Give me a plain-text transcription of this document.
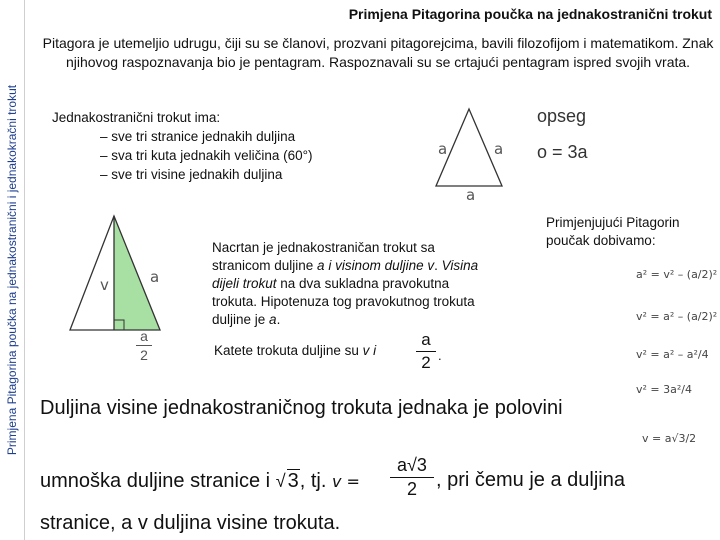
Primjena Pitagorina poučka na jednakostranični i jednakokračni trokut
Primjena Pitagorina poučka na jednakostranični trokut
Pitagora je utemeljio udrugu, čiji su se članovi, prozvani pitagorejcima, bavili filozofijom i matematikom. Znak njihovog raspoznavanja bio je pentagram. Raspoznavali su se crtajući pentagram ispred svojih vrata.
Jednakostranični trokut ima:
– sve tri stranice jednakih duljina
– sva tri kuta jednakih veličina (60°)
– sve tri visine jednakih duljina
a	a
a
opseg
o = 3a
v	a
a
2
Nacrtan je jednakostraničan trokut sa stranicom duljine a i visinom duljine v. Visina dijeli trokut na dva sukladna pravokutna trokuta. Hipotenuza tog pravokutnog trokuta duljine je a.
Katete trokuta duljine su v i
a
2 .
Primjenjujući Pitagorin
poučak dobivamo:
a² = v² – (a/2)²
v² = a² – (a/2)²
v² = a² – a²/4
v² = 3a²/4
v = a√3/2
Duljina visine jednakostraničnog trokuta jednaka je polovini
umnoška duljine stranice i √ 3, tj. v =
a√3
2 , pri čemu je a duljina
stranice, a v duljina visine trokuta.
